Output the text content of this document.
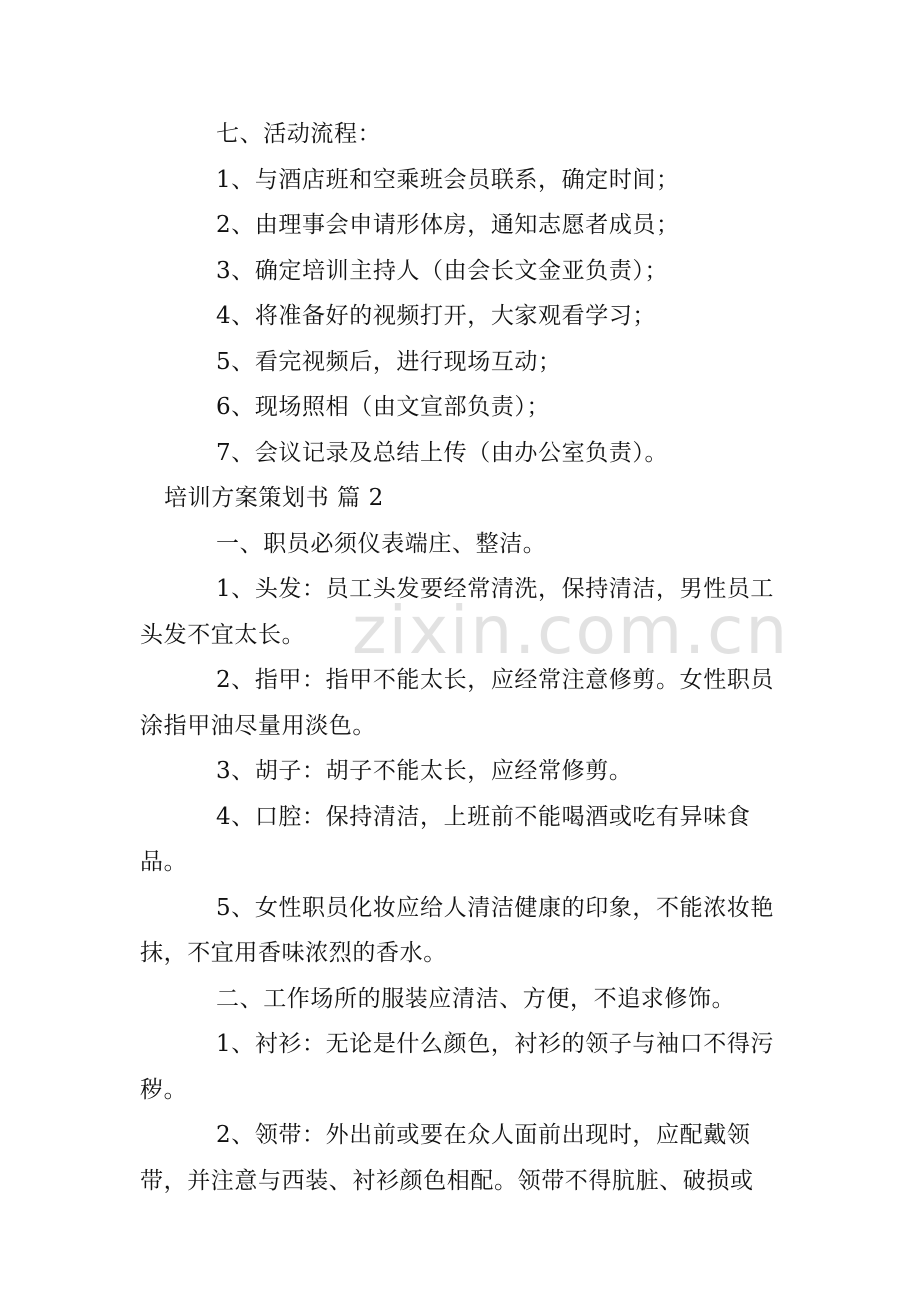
zixin.com.cn

七、活动流程：

1、与酒店班和空乘班会员联系，确定时间；

2、由理事会申请形体房，通知志愿者成员；

3、确定培训主持人（由会长文金亚负责）；

4、将准备好的视频打开，大家观看学习；

5、看完视频后，进行现场互动；

6、现场照相（由文宣部负责）；

7、会议记录及总结上传（由办公室负责）。

培训方案策划书 篇 2

一、职员必须仪表端庄、整洁。

1、头发：员工头发要经常清洗，保持清洁，男性员工头发不宜太长。

2、指甲：指甲不能太长，应经常注意修剪。女性职员涂指甲油尽量用淡色。

3、胡子：胡子不能太长，应经常修剪。

4、口腔：保持清洁，上班前不能喝酒或吃有异味食品。

5、女性职员化妆应给人清洁健康的印象，不能浓妆艳抹，不宜用香味浓烈的香水。

二、工作场所的服装应清洁、方便，不追求修饰。

1、衬衫：无论是什么颜色，衬衫的领子与袖口不得污秽。

2、领带：外出前或要在众人面前出现时，应配戴领带，并注意与西装、衬衫颜色相配。领带不得肮脏、破损或
